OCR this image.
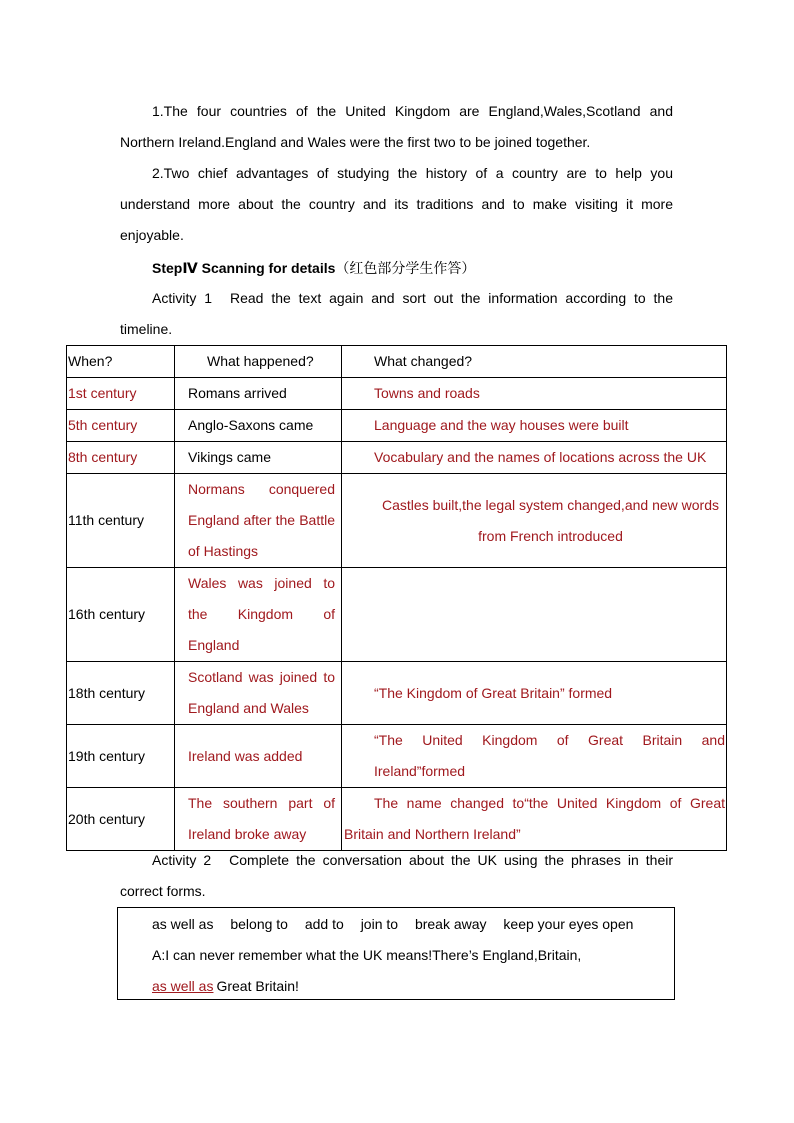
1.The four countries of the United Kingdom are England,Wales,Scotland and Northern Ireland.England and Wales were the first two to be joined together.

2.Two chief advantages of studying the history of a country are to help you understand more about the country and its traditions and to make visiting it more enjoyable.

StepⅣ Scanning for details（红色部分学生作答）

Activity 1 Read the text again and sort out the information according to the timeline.

When?	What happened?	What changed?

1st century	Romans arrived	Towns and roads

5th century	Anglo-Saxons came	Language and the way houses were built

8th century	Vikings came	Vocabulary and the names of locations across the UK

11th century	Normans conquered England after the Battle of Hastings	Castles built,the legal system changed,and new words from French introduced

16th century	Wales was joined to the Kingdom of England	

18th century	Scotland was joined to England and Wales	“The Kingdom of Great Britain” formed

19th century	Ireland was added	“The United Kingdom of Great Britain and Ireland”formed

20th century	The southern part of Ireland broke away	The name changed to“the United Kingdom of Great Britain and Northern Ireland”

Activity 2 Complete the conversation about the UK using the phrases in their correct forms.

as well as belong to add to join to break away keep your eyes open
A:I can never remember what the UK means!There’s England,Britain,
as well as Great Britain!
